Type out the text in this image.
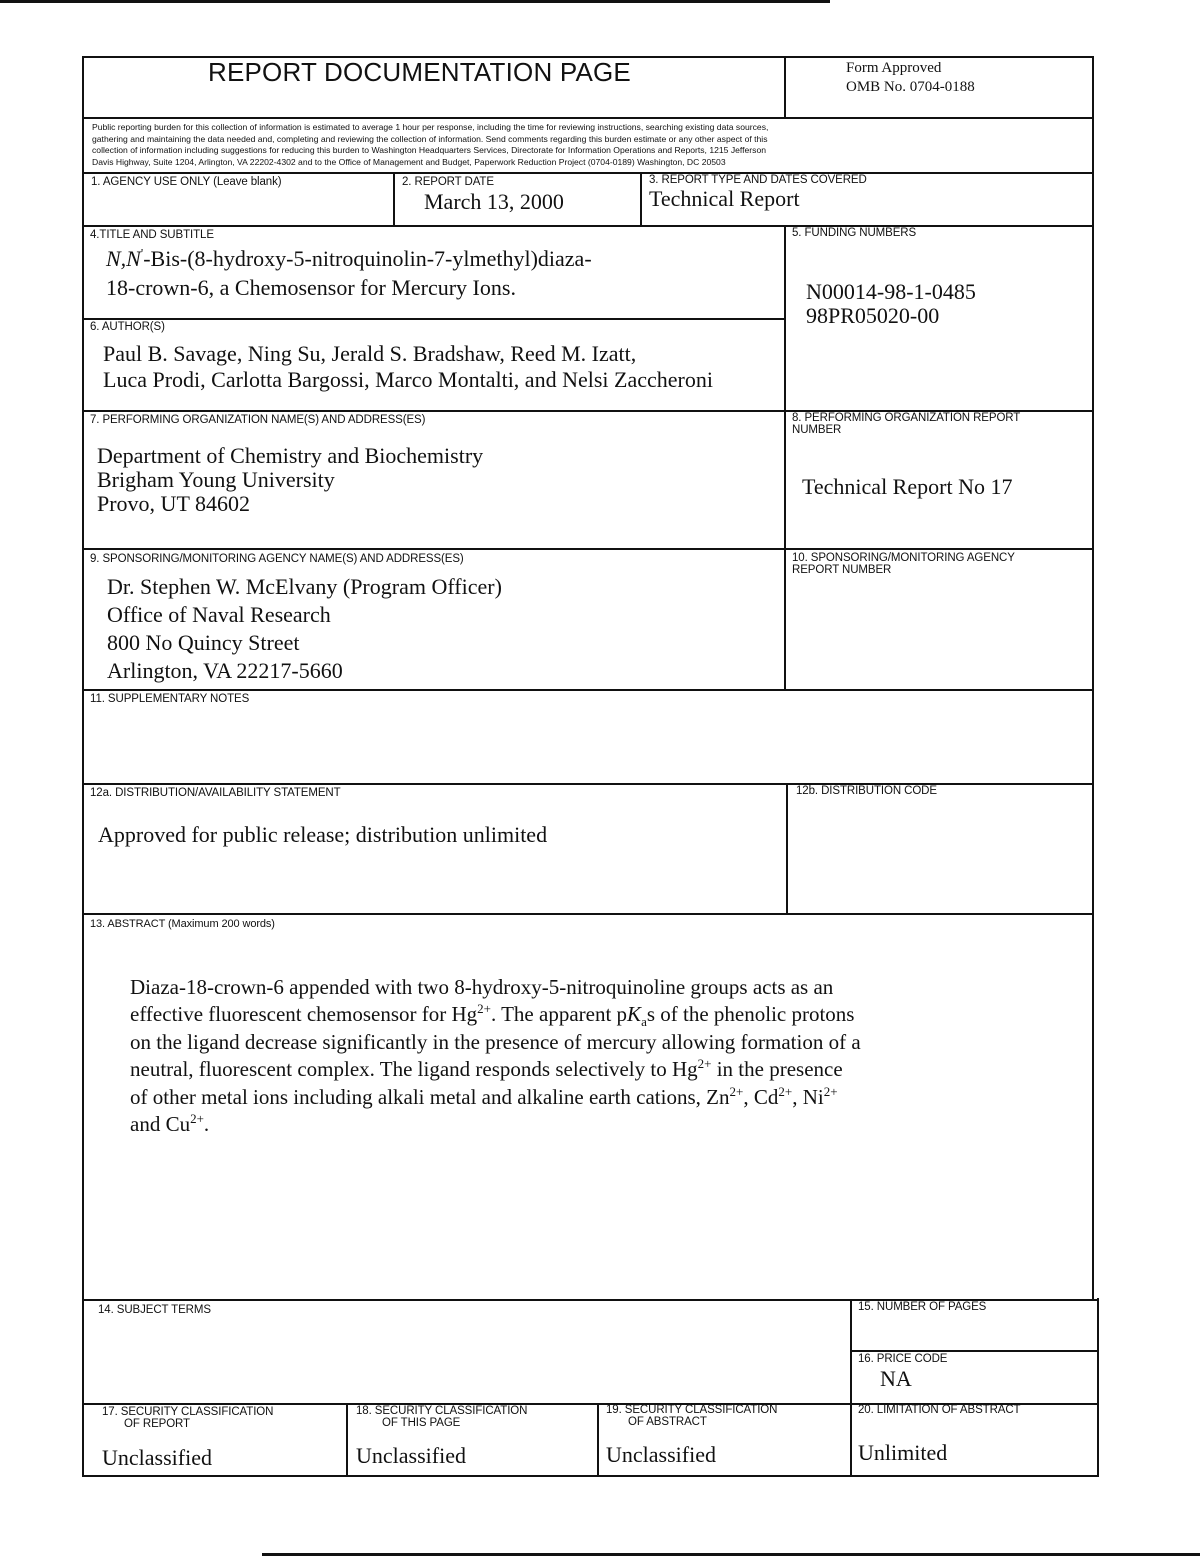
REPORT DOCUMENTATION PAGE	Form Approved
OMB No. 0704-0188
Public reporting burden for this collection of information is estimated to average 1 hour per response, including the time for reviewing instructions, searching existing data sources,
gathering and maintaining the data needed and, completing and reviewing the collection of information. Send comments regarding this burden estimate or any other aspect of this
collection of information including suggestions for reducing this burden to Washington Headquarters Services, Directorate for Information Operations and Reports, 1215 Jefferson
Davis Highway, Suite 1204, Arlington, VA 22202-4302 and to the Office of Management and Budget, Paperwork Reduction Project (0704-0189) Washington, DC 20503
1. AGENCY USE ONLY (Leave blank)	2. REPORT DATE
March 13, 2000
3. REPORT TYPE AND DATES COVERED
Technical Report
4.TITLE AND SUBTITLE
N,N'-Bis-(8-hydroxy-5-nitroquinolin-7-ylmethyl)diaza-
18-crown-6, a Chemosensor for Mercury Ions.
5. FUNDING NUMBERS
N00014-98-1-0485
98PR05020-00
6. AUTHOR(S)
Paul B. Savage, Ning Su, Jerald S. Bradshaw, Reed M. Izatt,
Luca Prodi, Carlotta Bargossi, Marco Montalti, and Nelsi Zaccheroni
7. PERFORMING ORGANIZATION NAME(S) AND ADDRESS(ES)
Department of Chemistry and Biochemistry
Brigham Young University
Provo, UT 84602
8. PERFORMING ORGANIZATION REPORT
NUMBER
Technical Report No 17
9. SPONSORING/MONITORING AGENCY NAME(S) AND ADDRESS(ES)
Dr. Stephen W. McElvany (Program Officer)
Office of Naval Research
800 No Quincy Street
Arlington, VA 22217-5660
10. SPONSORING/MONITORING AGENCY
REPORT NUMBER
11. SUPPLEMENTARY NOTES
12a. DISTRIBUTION/AVAILABILITY STATEMENT
Approved for public release; distribution unlimited
12b. DISTRIBUTION CODE
13. ABSTRACT (Maximum 200 words)
Diaza-18-crown-6 appended with two 8-hydroxy-5-nitroquinoline groups acts as an
effective fluorescent chemosensor for $Hg^{2+}$. The apparent $pK_as$ of the phenolic protons
on the ligand decrease significantly in the presence of mercury allowing formation of a
neutral, fluorescent complex. The ligand responds selectively to $Hg^{2+}$ in the presence
of other metal ions including alkali metal and alkaline earth cations, $Zn^{2+}$, $Cd^{2+}$, $Ni^{2+}$
and $Cu^{2+}$.
14. SUBJECT TERMS	15. NUMBER OF PAGES
16. PRICE CODE
NA
17. SECURITY CLASSIFICATION
OF REPORT
Unclassified
18. SECURITY CLASSIFICATION
OF THIS PAGE
Unclassified
19. SECURITY CLASSIFICATION
OF ABSTRACT
Unclassified
20. LIMITATION OF ABSTRACT
Unlimited
